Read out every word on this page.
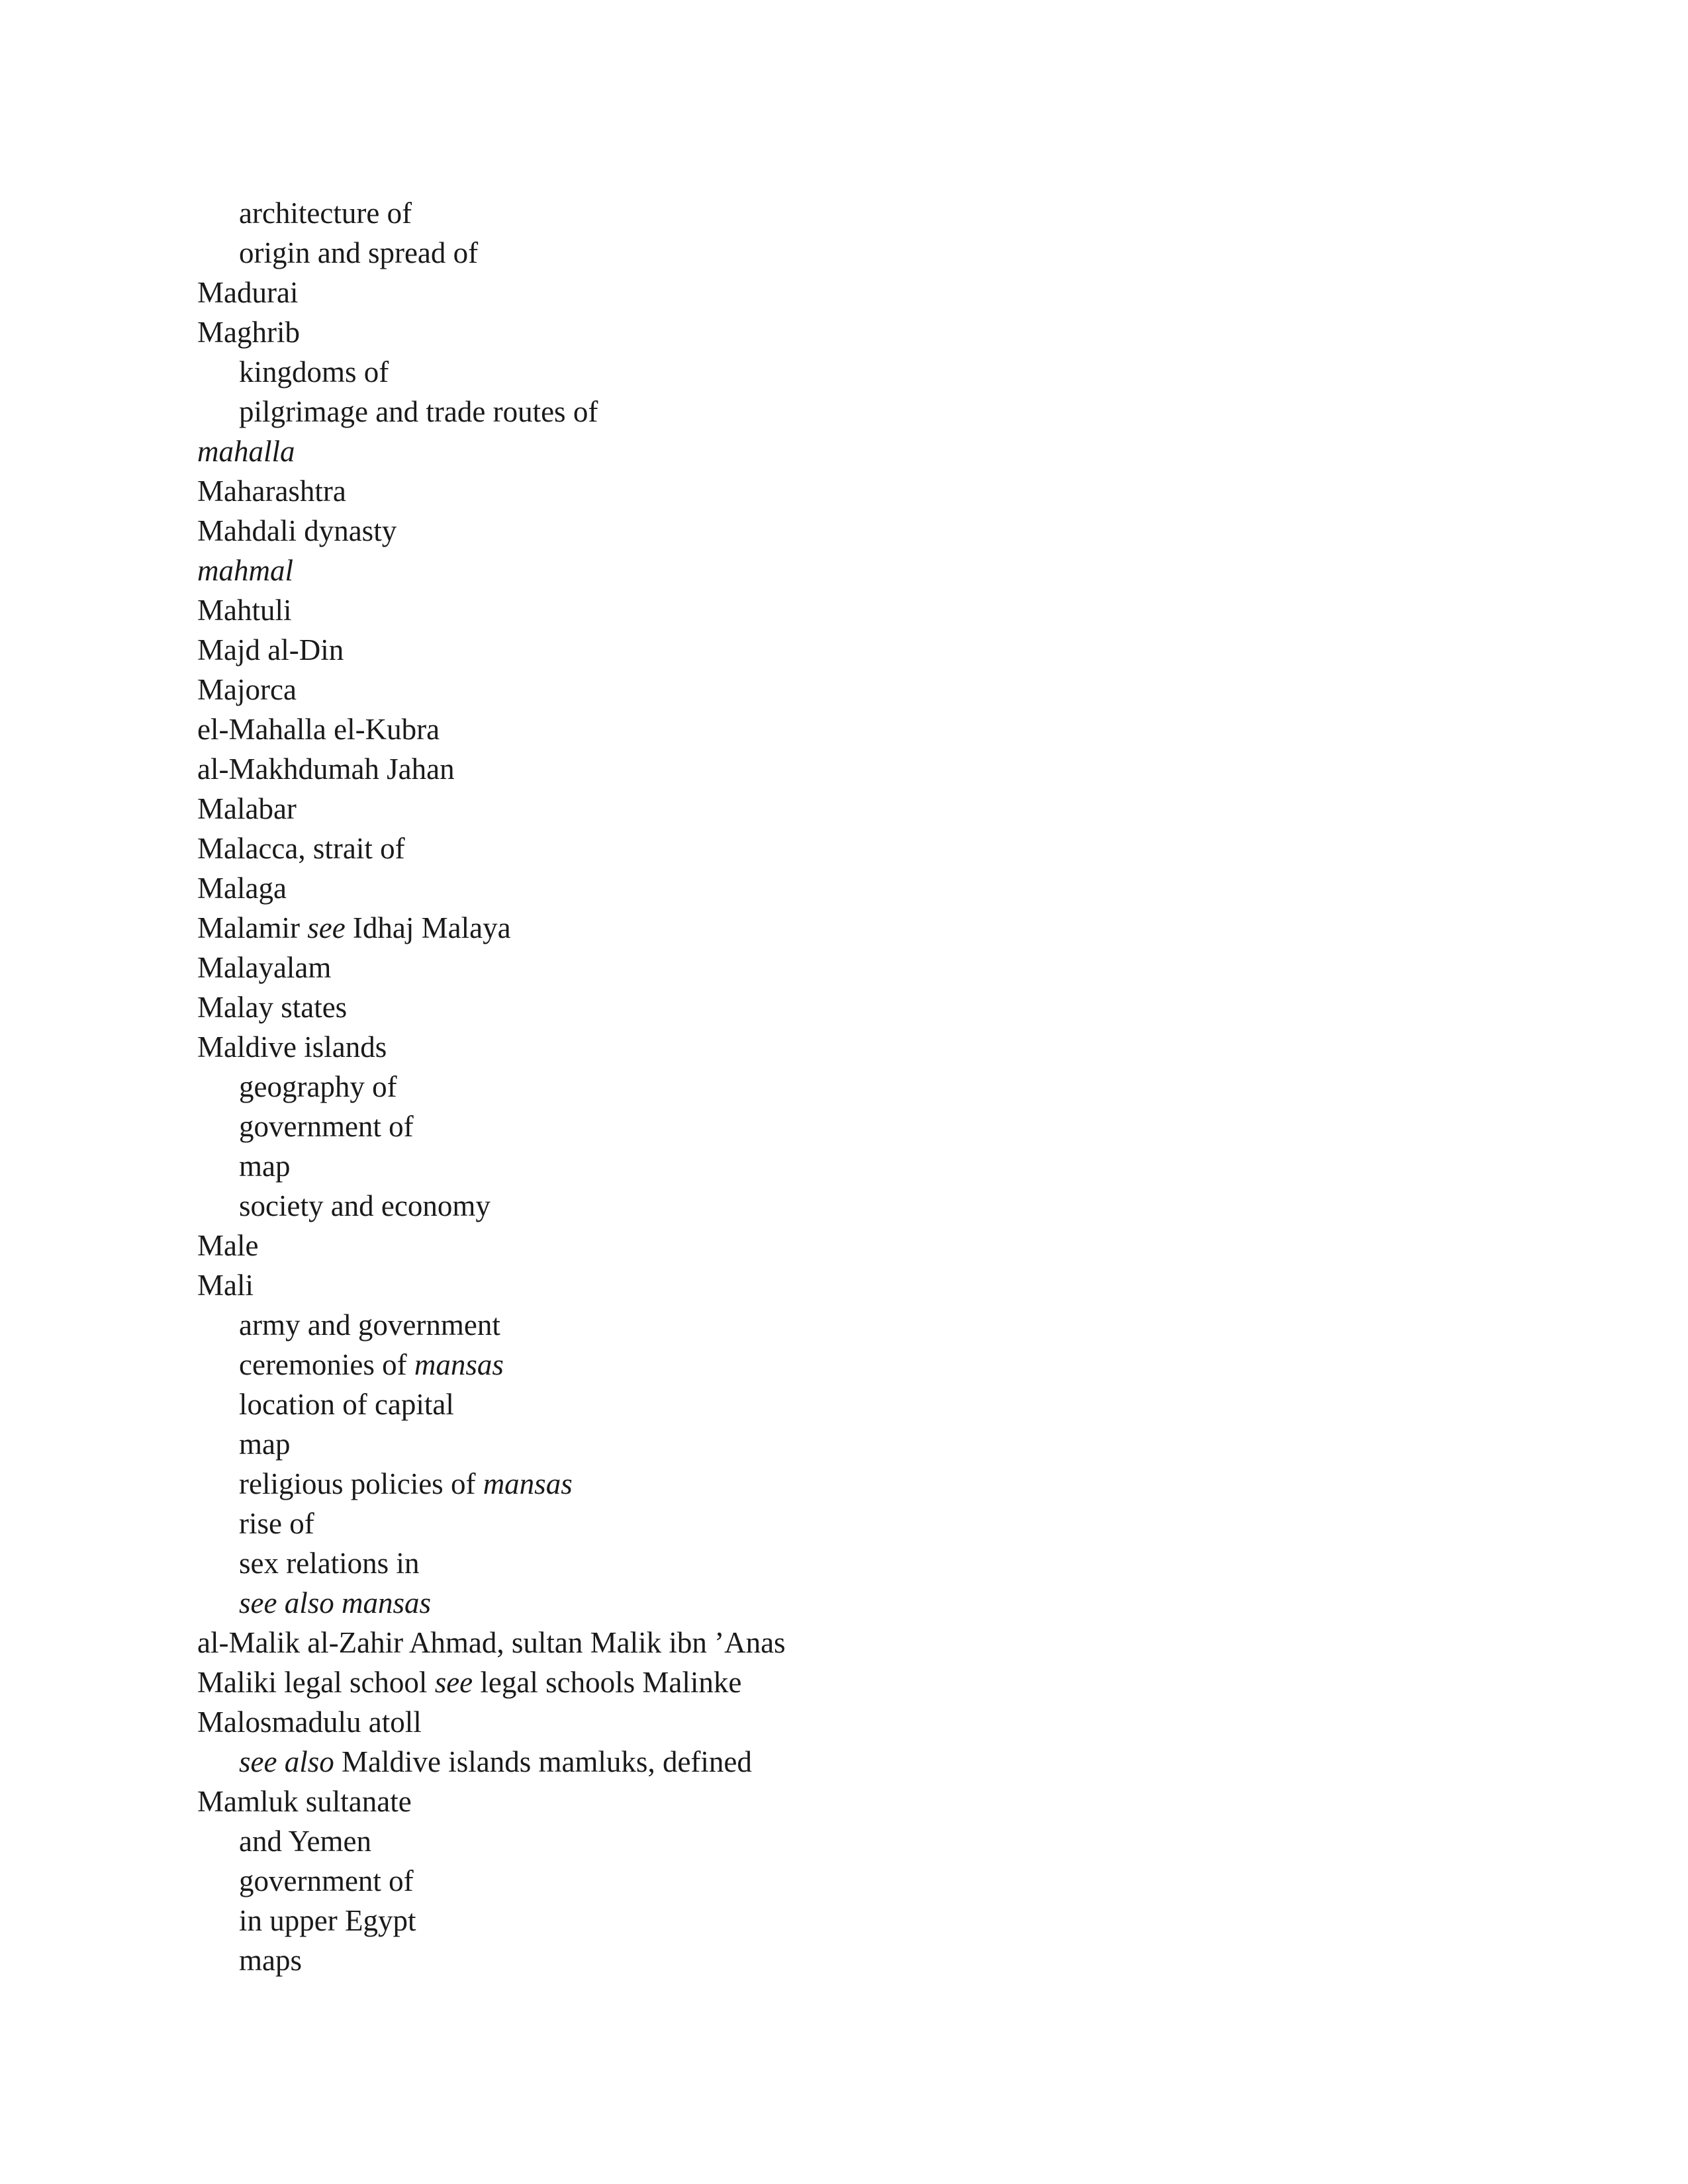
architecture of
origin and spread of
Madurai
Maghrib
kingdoms of
pilgrimage and trade routes of
mahalla
Maharashtra
Mahdali dynasty
mahmal
Mahtuli
Majd al-Din
Majorca
el-Mahalla el-Kubra
al-Makhdumah Jahan
Malabar
Malacca, strait of
Malaga
Malamir see Idhaj Malaya
Malayalam
Malay states
Maldive islands
geography of
government of
map
society and economy
Male
Mali
army and government
ceremonies of mansas
location of capital
map
religious policies of mansas
rise of
sex relations in
see also mansas
al-Malik al-Zahir Ahmad, sultan Malik ibn ’Anas
Maliki legal school see legal schools Malinke
Malosmadulu atoll
see also Maldive islands mamluks, defined
Mamluk sultanate
and Yemen
government of
in upper Egypt
maps
